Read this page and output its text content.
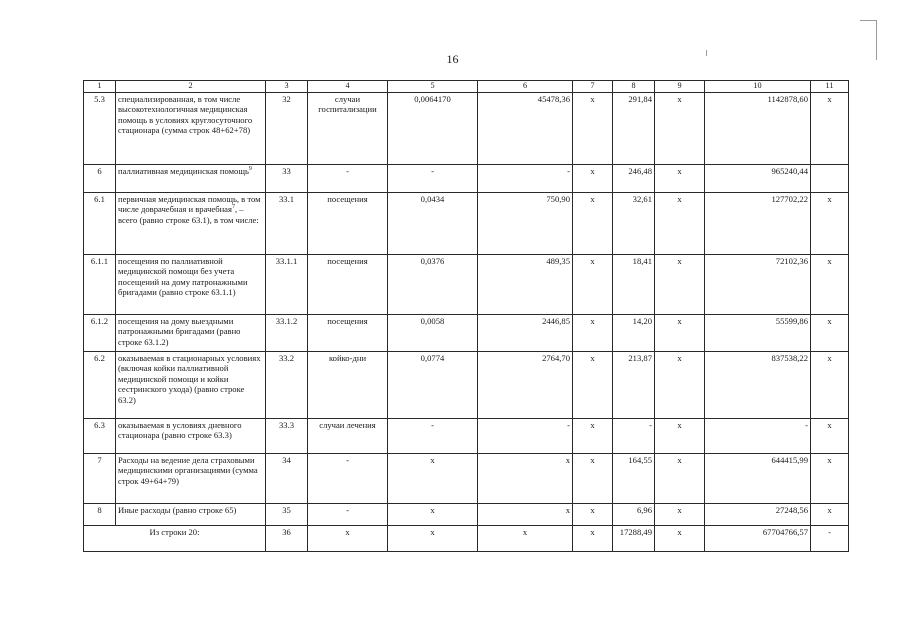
16
1	2	3	4	5	6	7	8	9	10	11
5.3	специализированная, в том числе высокотехнологичная медицинская помощь в условиях круглосуточного стационара (сумма строк 48+62+78)	32	случаи госпитализации	0,0064170	45478,36	х	291,84	х	1142878,60	х
6	паллиативная медицинская помощь$^9$	33	-	-	-	х	246,48	х	965240,44	
6.1	первичная медицинская помощь, в том числе доврачебная и врачебная$^7$, – всего (равно строке 63.1), в том числе:	33.1	посещения	0,0434	750,90	х	32,61	х	127702,22	х
6.1.1	посещения по паллиативной медицинской помощи без учета посещений на дому патронажными бригадами (равно строке 63.1.1)	33.1.1	посещения	0,0376	489,35	х	18,41	х	72102,36	х
6.1.2	посещения на дому выездными патронажными бригадами (равно строке 63.1.2)	33.1.2	посещения	0,0058	2446,85	х	14,20	х	55599,86	х
6.2	оказываемая в стационарных условиях (включая койки паллиативной медицинской помощи и койки сестринского ухода) (равно строке 63.2)	33.2	койко-дни	0,0774	2764,70	х	213,87	х	837538,22	х
6.3	оказываемая в условиях дневного стационара (равно строке 63.3)	33.3	случаи лечения	-	-	х	-	х	-	х
7	Расходы на ведение дела страховыми медицинскими организациями (сумма строк 49+64+79)	34	-	х	х	х	164,55	х	644415,99	х
8	Иные расходы (равно строке 65)	35	-	х	х	х	6,96	х	27248,56	х
Из строки 20:		36	х	х	х	х	17288,49	х	67704766,57	-
